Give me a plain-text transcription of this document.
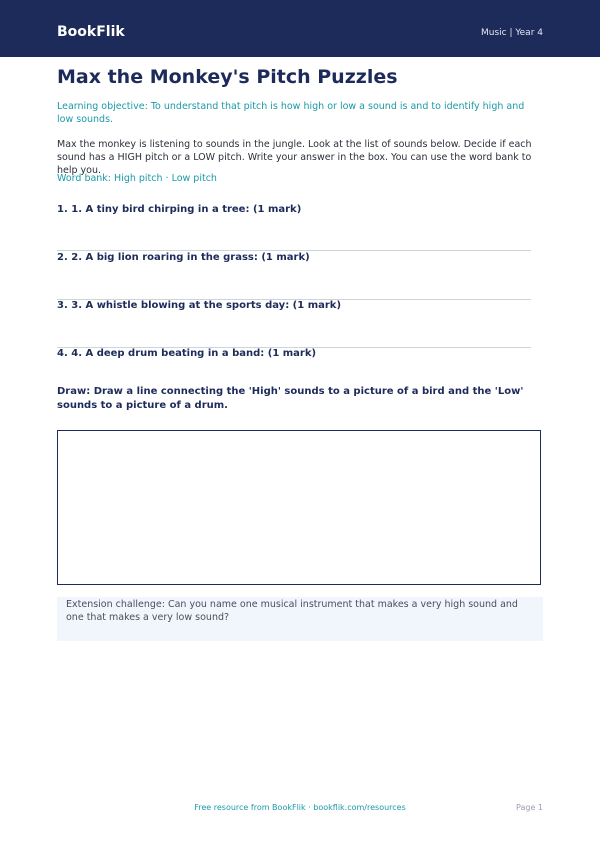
BookFlik	Music | Year 4
Max the Monkey's Pitch Puzzles
Learning objective: To understand that pitch is how high or low a sound is and to identify high and low sounds.
Max the monkey is listening to sounds in the jungle. Look at the list of sounds below. Decide if each sound has a HIGH pitch or a LOW pitch. Write your answer in the box. You can use the word bank to help you.
Word bank: High pitch · Low pitch
1. 1. A tiny bird chirping in a tree: (1 mark)
2. 2. A big lion roaring in the grass: (1 mark)
3. 3. A whistle blowing at the sports day: (1 mark)
4. 4. A deep drum beating in a band: (1 mark)
Draw: Draw a line connecting the 'High' sounds to a picture of a bird and the 'Low' sounds to a picture of a drum.
Extension challenge: Can you name one musical instrument that makes a very high sound and one that makes a very low sound?
Free resource from BookFlik · bookflik.com/resources	Page 1
